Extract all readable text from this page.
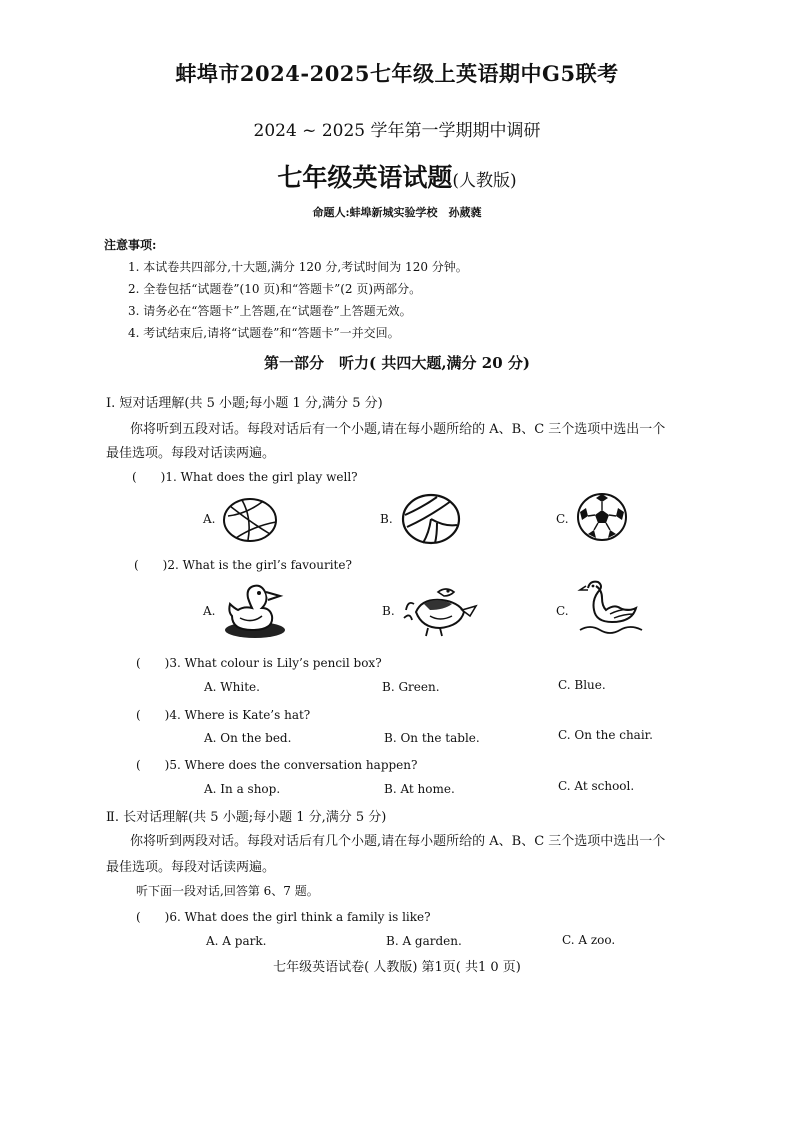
蚌埠市2024-2025七年级上英语期中G5联考
2024 ~ 2025 学年第一学期期中调研
七年级英语试题(人教版)
命题人:蚌埠新城实验学校　孙葳蕤
注意事项:
1. 本试卷共四部分,十大题,满分 120 分,考试时间为 120 分钟。
2. 全卷包括“试题卷”(10 页)和“答题卡”(2 页)两部分。
3. 请务必在“答题卡”上答题,在“试题卷”上答题无效。
4. 考试结束后,请将“试题卷”和“答题卡”一并交回。
第一部分　听力( 共四大题,满分 20 分)
Ⅰ. 短对话理解(共 5 小题;每小题 1 分,满分 5 分)
你将听到五段对话。每段对话后有一个小题,请在每小题所给的 A、B、C 三个选项中选出一个
最佳选项。每段对话读两遍。
(　　)1. What does the girl play well?
A.	B.	C.
(　　)2. What is the girl’s favourite?
A.	B.	C.
(　　)3. What colour is Lily’s pencil box?
A. White.	B. Green.	C. Blue.
(　　)4. Where is Kate’s hat?
A. On the bed.	B. On the table.	C. On the chair.
(　　)5. Where does the conversation happen?
A. In a shop.	B. At home.	C. At school.
Ⅱ. 长对话理解(共 5 小题;每小题 1 分,满分 5 分)
你将听到两段对话。每段对话后有几个小题,请在每小题所给的 A、B、C 三个选项中选出一个
最佳选项。每段对话读两遍。
听下面一段对话,回答第 6、7 题。
(　　)6. What does the girl think a family is like?
A. A park.	B. A garden.	C. A zoo.
七年级英语试卷( 人教版) 第1页( 共1 0 页)
